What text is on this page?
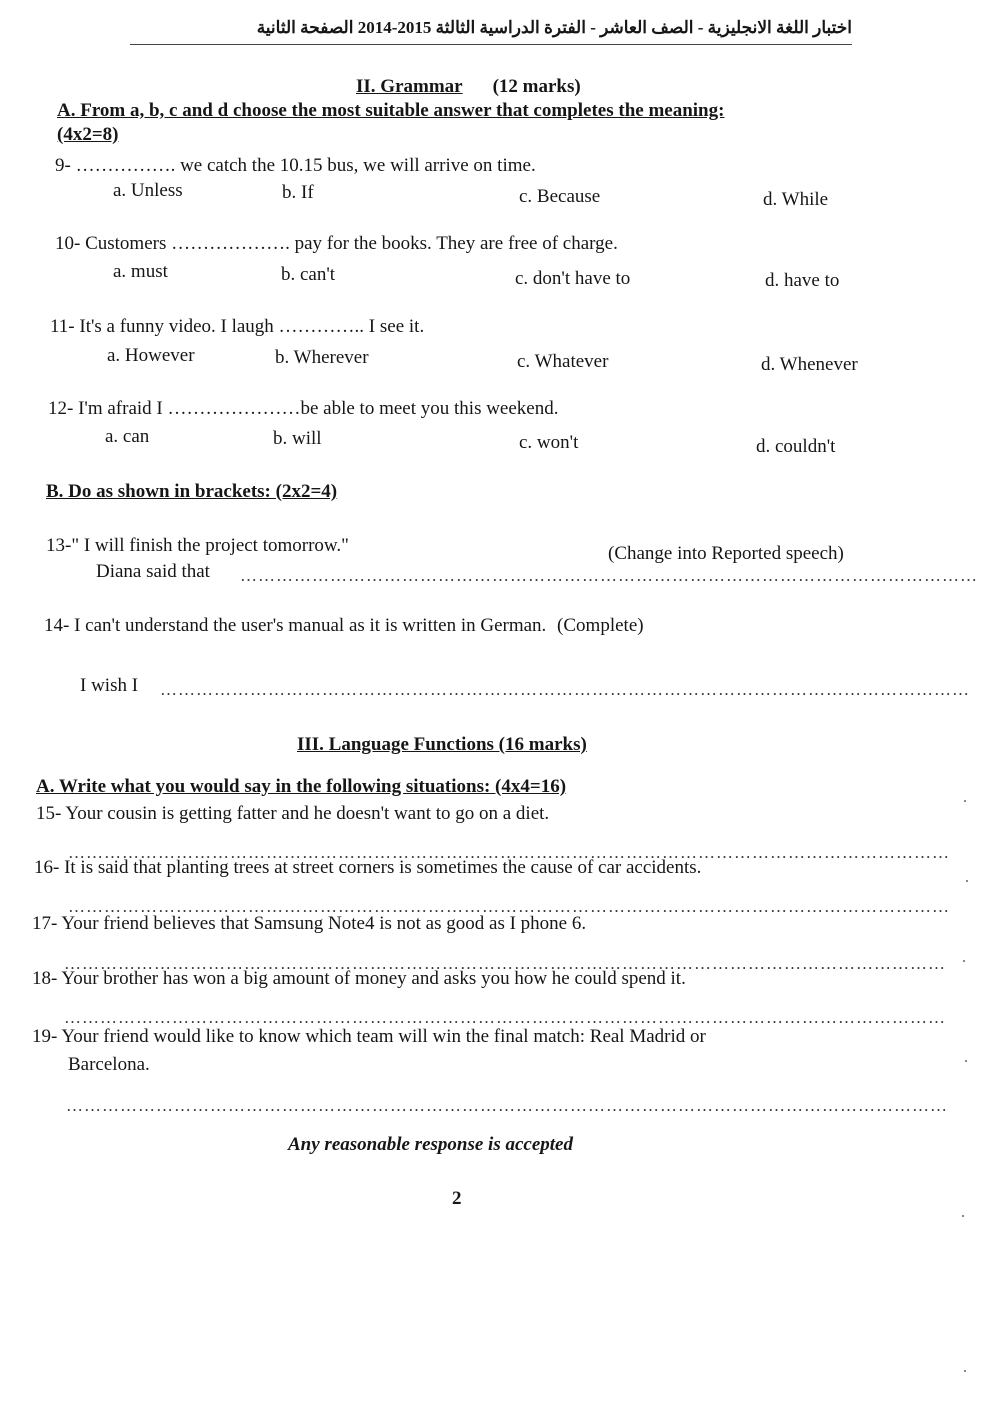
اختبار اللغة الانجليزية - الصف العاشر - الفترة الدراسية الثالثة 2015-2014 الصفحة الثانية
II. Grammar (12 marks)
A. From a, b, c and d choose the most suitable answer that completes the meaning:
(4x2=8)
9- ……………. we catch the 10.15 bus, we will arrive on time.
a. Unless	b. If	c. Because	d. While
10- Customers ………………. pay for the books. They are free of charge.
a. must	b. can't	c. don't have to	d. have to
11- It's a funny video. I laugh ………….. I see it.
a. However	b. Wherever	c. Whatever	d. Whenever
12- I'm afraid I …………………be able to meet you this weekend.
a. can	b. will	c. won't	d. couldn't
B. Do as shown in brackets: (2x2=4)
13-" I will finish the project tomorrow."	(Change into Reported speech)
Diana said that ……………………………………………………………………………………………………………
14- I can't understand the user's manual as it is written in German. (Complete)
I wish I ………………………………………………………………………………………………………………………
III. Language Functions (16 marks)
A. Write what you would say in the following situations: (4x4=16)
15- Your cousin is getting fatter and he doesn't want to go on a diet.
…………………………………………………………………………………………………………………………………
16- It is said that planting trees at street corners is sometimes the cause of car accidents.
…………………………………………………………………………………………………………………………………
17- Your friend believes that Samsung Note4 is not as good as I phone 6.
…………………………………………………………………………………………………………………………………
18- Your brother has won a big amount of money and asks you how he could spend it.
…………………………………………………………………………………………………………………………………
19- Your friend would like to know which team will win the final match: Real Madrid or
Barcelona.
…………………………………………………………………………………………………………………………………
Any reasonable response is accepted
2
